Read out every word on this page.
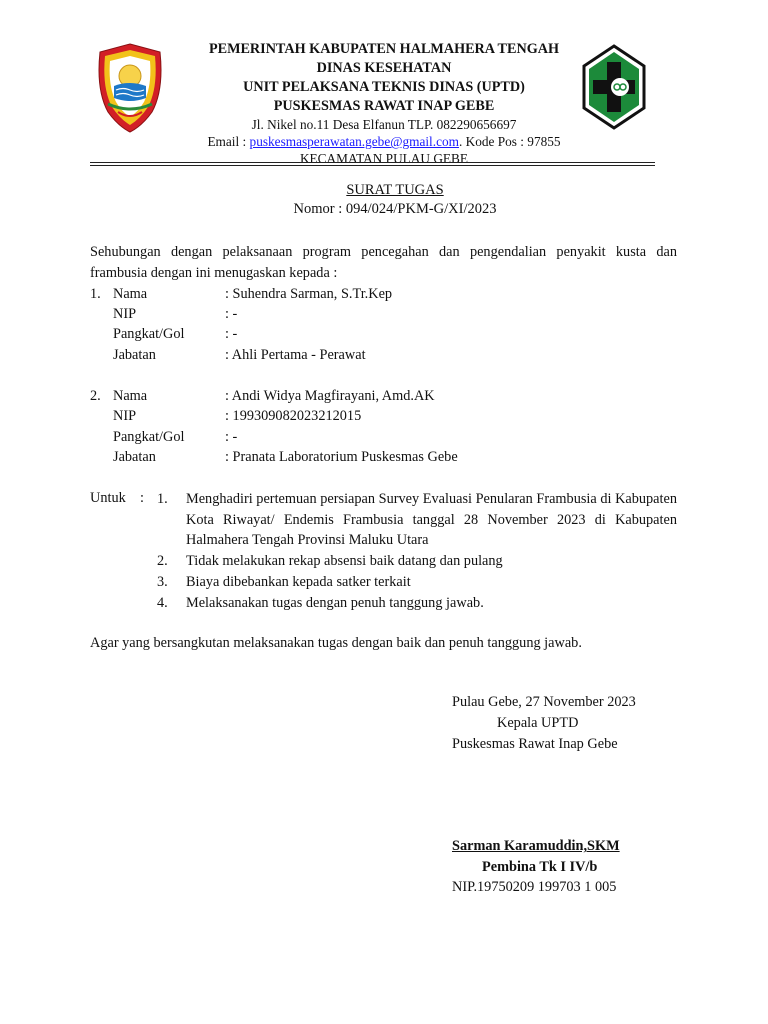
PEMERINTAH KABUPATEN HALMAHERA TENGAH
DINAS KESEHATAN
UNIT PELAKSANA TEKNIS DINAS (UPTD)
PUSKESMAS RAWAT INAP GEBE
Jl. Nikel no.11 Desa Elfanun TLP. 082290656697
Email : puskesmasperawatan.gebe@gmail.com. Kode Pos : 97855
KECAMATAN PULAU GEBE
SURAT TUGAS
Nomor : 094/024/PKM-G/XI/2023
Sehubungan dengan pelaksanaan program pencegahan dan pengendalian penyakit kusta dan frambusia dengan ini menugaskan kepada :
1. Nama	: Suhendra Sarman, S.Tr.Kep
NIP	: -
Pangkat/Gol	: -
Jabatan	: Ahli Pertama - Perawat
2. Nama	: Andi Widya Magfirayani, Amd.AK
NIP	: 199309082023212015
Pangkat/Gol	: -
Jabatan	: Pranata Laboratorium Puskesmas Gebe
Untuk : 1. Menghadiri pertemuan persiapan Survey Evaluasi Penularan Frambusia di Kabupaten Kota Riwayat/ Endemis Frambusia tanggal 28 November 2023 di Kabupaten Halmahera Tengah Provinsi Maluku Utara
2. Tidak melakukan rekap absensi baik datang dan pulang
3. Biaya dibebankan kepada satker terkait
4. Melaksanakan tugas dengan penuh tanggung jawab.
Agar yang bersangkutan melaksanakan tugas dengan baik dan penuh tanggung jawab.
Pulau Gebe, 27 November 2023
Kepala UPTD
Puskesmas Rawat Inap Gebe
Sarman Karamuddin,SKM
Pembina Tk I IV/b
NIP.19750209 199703 1 005
